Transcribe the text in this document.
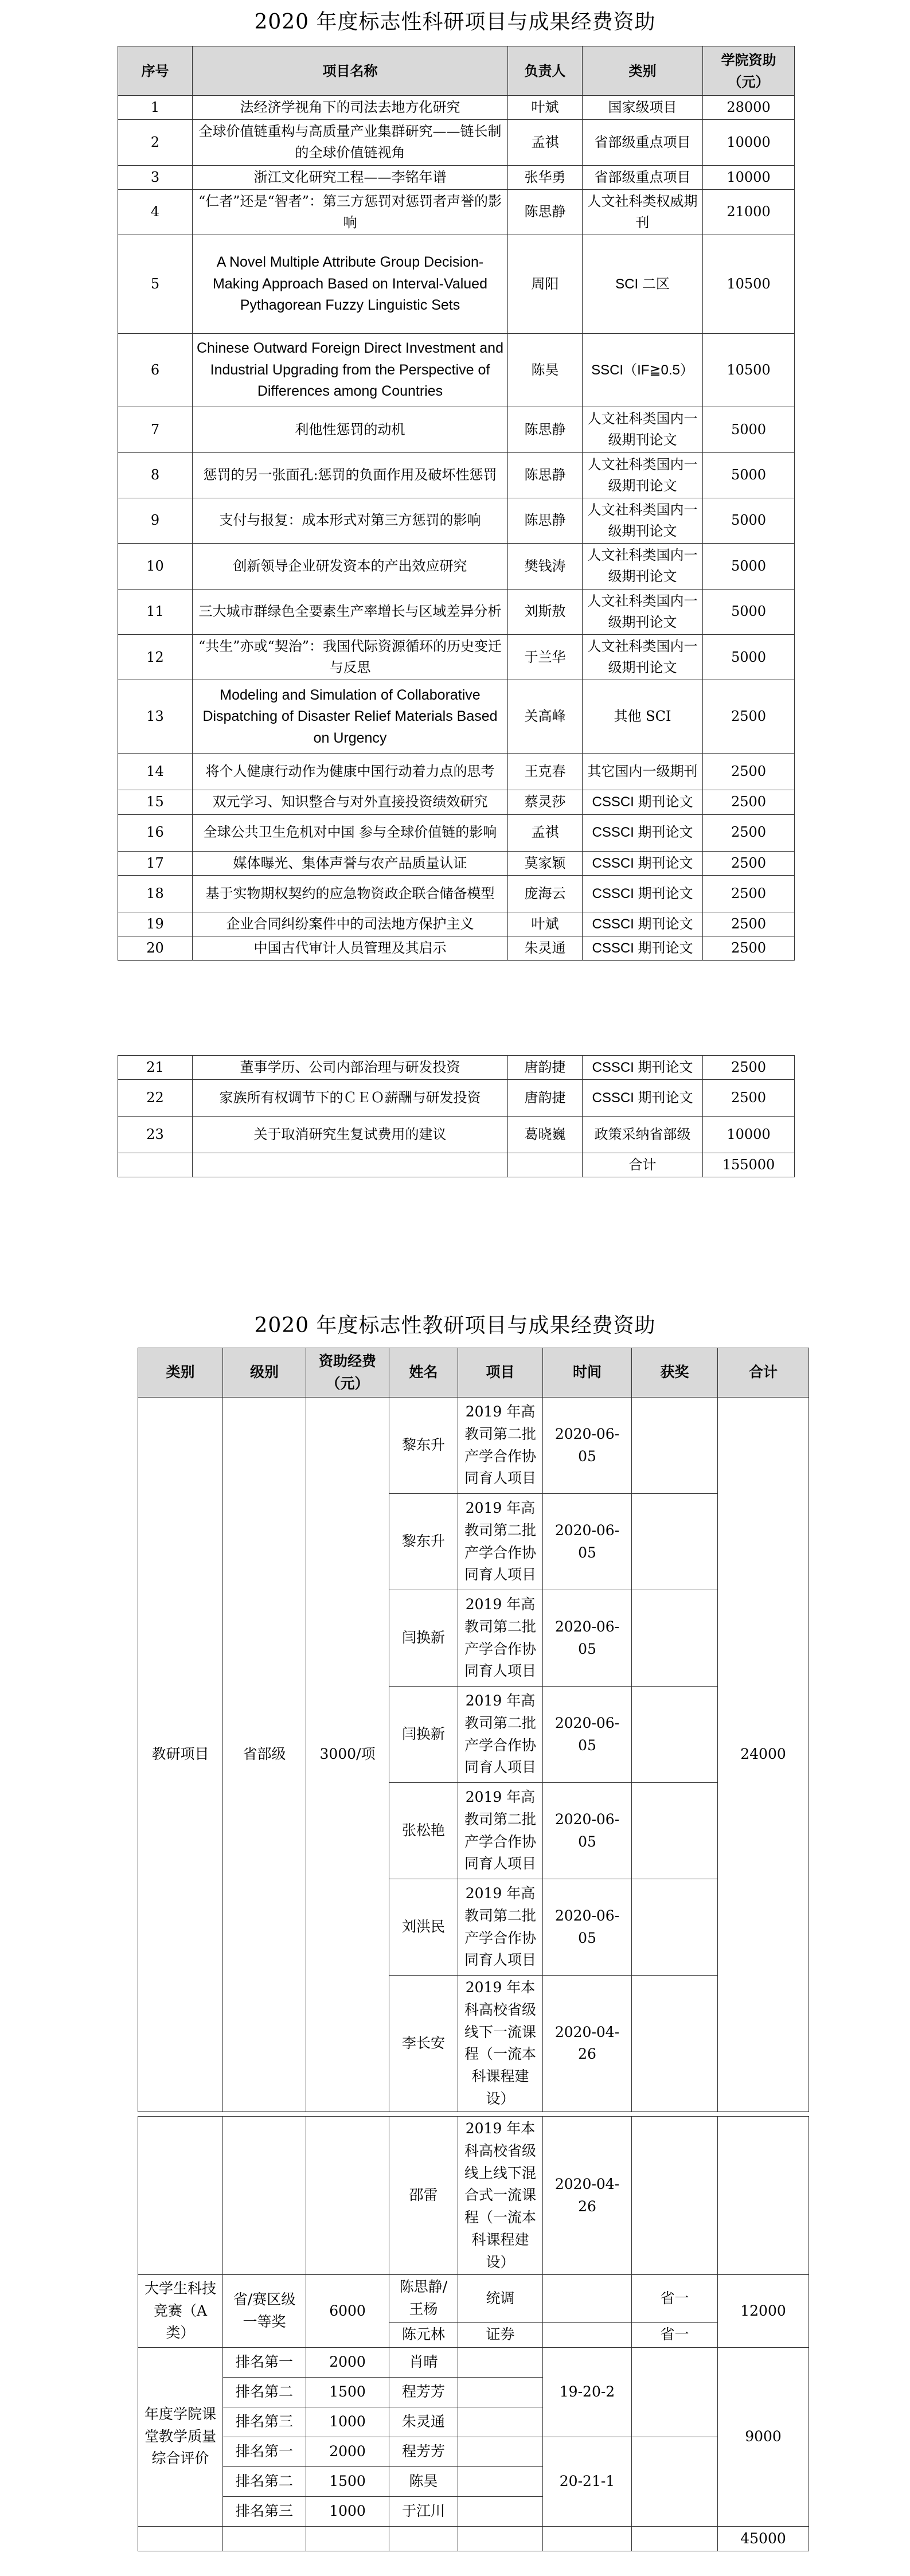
2020 年度标志性科研项目与成果经费资助
序号	项目名称	负责人	类别	学院资助（元）
1	法经济学视角下的司法去地方化研究	叶斌	国家级项目	28000
2	全球价值链重构与高质量产业集群研究——链长制的全球价值链视角	孟祺	省部级重点项目	10000
3	浙江文化研究工程——李铭年谱	张华勇	省部级重点项目	10000
4	“仁者”还是“智者”：第三方惩罚对惩罚者声誉的影响	陈思静	人文社科类权威期刊	21000
5	A Novel Multiple Attribute Group Decision-Making Approach Based on Interval-Valued Pythagorean Fuzzy Linguistic Sets	周阳	SCI 二区	10500
6	Chinese Outward Foreign Direct Investment and Industrial Upgrading from the Perspective of Differences among Countries	陈昊	SSCI（IF≧0.5）	10500
7	利他性惩罚的动机	陈思静	人文社科类国内一级期刊论文	5000
8	惩罚的另一张面孔:惩罚的负面作用及破坏性惩罚	陈思静	人文社科类国内一级期刊论文	5000
9	支付与报复：成本形式对第三方惩罚的影响	陈思静	人文社科类国内一级期刊论文	5000
10	创新领导企业研发资本的产出效应研究	樊钱涛	人文社科类国内一级期刊论文	5000
11	三大城市群绿色全要素生产率增长与区域差异分析	刘斯敖	人文社科类国内一级期刊论文	5000
12	“共生”亦或“契治”：我国代际资源循环的历史变迁与反思	于兰华	人文社科类国内一级期刊论文	5000
13	Modeling and Simulation of Collaborative Dispatching of Disaster Relief Materials Based on Urgency	关高峰	其他 SCI	2500
14	将个人健康行动作为健康中国行动着力点的思考	王克春	其它国内一级期刊	2500
15	双元学习、知识整合与对外直接投资绩效研究	蔡灵莎	CSSCI 期刊论文	2500
16	全球公共卫生危机对中国 参与全球价值链的影响	孟祺	CSSCI 期刊论文	2500
17	媒体曝光、集体声誉与农产品质量认证	莫家颖	CSSCI 期刊论文	2500
18	基于实物期权契约的应急物资政企联合储备模型	庞海云	CSSCI 期刊论文	2500
19	企业合同纠纷案件中的司法地方保护主义	叶斌	CSSCI 期刊论文	2500
20	中国古代审计人员管理及其启示	朱灵通	CSSCI 期刊论文	2500
21	董事学历、公司内部治理与研发投资	唐韵捷	CSSCI 期刊论文	2500
22	家族所有权调节下的ＣＥＯ薪酬与研发投资	唐韵捷	CSSCI 期刊论文	2500
23	关于取消研究生复试费用的建议	葛晓巍	政策采纳省部级	10000
			合计	155000
2020 年度标志性教研项目与成果经费资助
类别	级别	资助经费（元）	姓名	项目	时间	获奖	合计
教研项目	省部级	3000/项	黎东升	2019 年高教司第二批产学合作协同育人项目	2020-06-05		24000
			黎东升	2019 年高教司第二批产学合作协同育人项目	2020-06-05		
			闫换新	2019 年高教司第二批产学合作协同育人项目	2020-06-05		
			闫换新	2019 年高教司第二批产学合作协同育人项目	2020-06-05		
			张松艳	2019 年高教司第二批产学合作协同育人项目	2020-06-05		
			刘洪民	2019 年高教司第二批产学合作协同育人项目	2020-06-05		
			李长安	2019 年本科高校省级线下一流课程（一流本科课程建设）	2020-04-26		
			邵雷	2019 年本科高校省级线上线下混合式一流课程（一流本科课程建设）	2020-04-26		
大学生科技竞赛（A 类）	省/赛区级一等奖	6000	陈思静/王杨	统调		省一	12000
			陈元林	证券		省一	
年度学院课堂教学质量综合评价	排名第一	2000	肖晴		19-20-2		9000
	排名第二	1500	程芳芳				
	排名第三	1000	朱灵通				
	排名第一	2000	程芳芳		20-21-1		
	排名第二	1500	陈昊				
	排名第三	1000	于江川				
							45000
